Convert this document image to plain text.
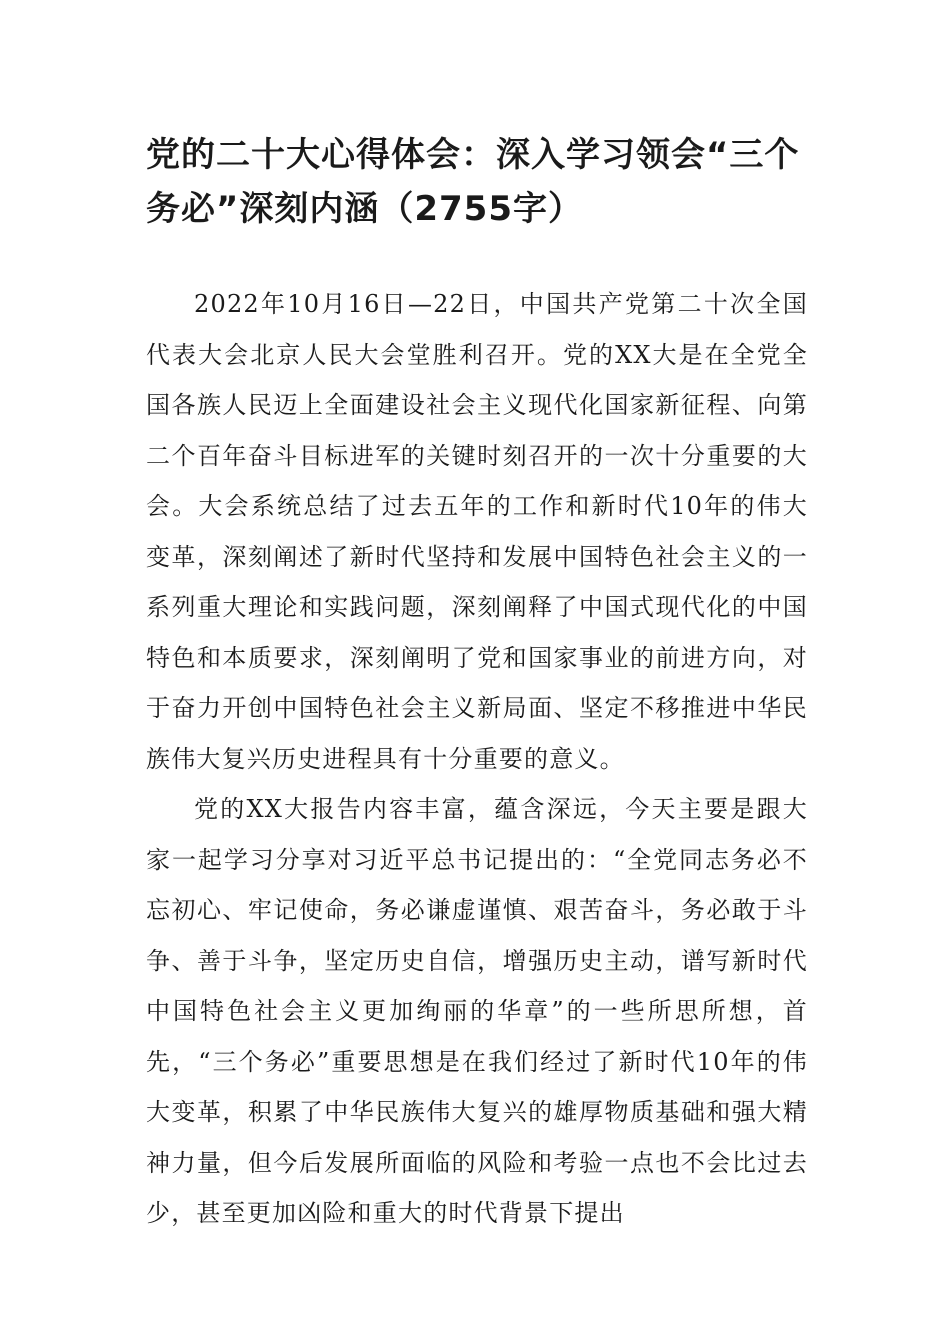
党的二十大心得体会：深入学习领会“三个务必”深刻内涵（2755字）

2022年10月16日—22日，中国共产党第二十次全国代表大会北京人民大会堂胜利召开。党的XX大是在全党全国各族人民迈上全面建设社会主义现代化国家新征程、向第二个百年奋斗目标进军的关键时刻召开的一次十分重要的大会。大会系统总结了过去五年的工作和新时代10年的伟大变革，深刻阐述了新时代坚持和发展中国特色社会主义的一系列重大理论和实践问题，深刻阐释了中国式现代化的中国特色和本质要求，深刻阐明了党和国家事业的前进方向，对于奋力开创中国特色社会主义新局面、坚定不移推进中华民族伟大复兴历史进程具有十分重要的意义。

党的XX大报告内容丰富，蕴含深远，今天主要是跟大家一起学习分享对习近平总书记提出的：“全党同志务必不忘初心、牢记使命，务必谦虚谨慎、艰苦奋斗，务必敢于斗争、善于斗争，坚定历史自信，增强历史主动，谱写新时代中国特色社会主义更加绚丽的华章”的一些所思所想，首先，“三个务必”重要思想是在我们经过了新时代10年的伟大变革，积累了中华民族伟大复兴的雄厚物质基础和强大精神力量，但今后发展所面临的风险和考验一点也不会比过去少，甚至更加凶险和重大的时代背景下提出
